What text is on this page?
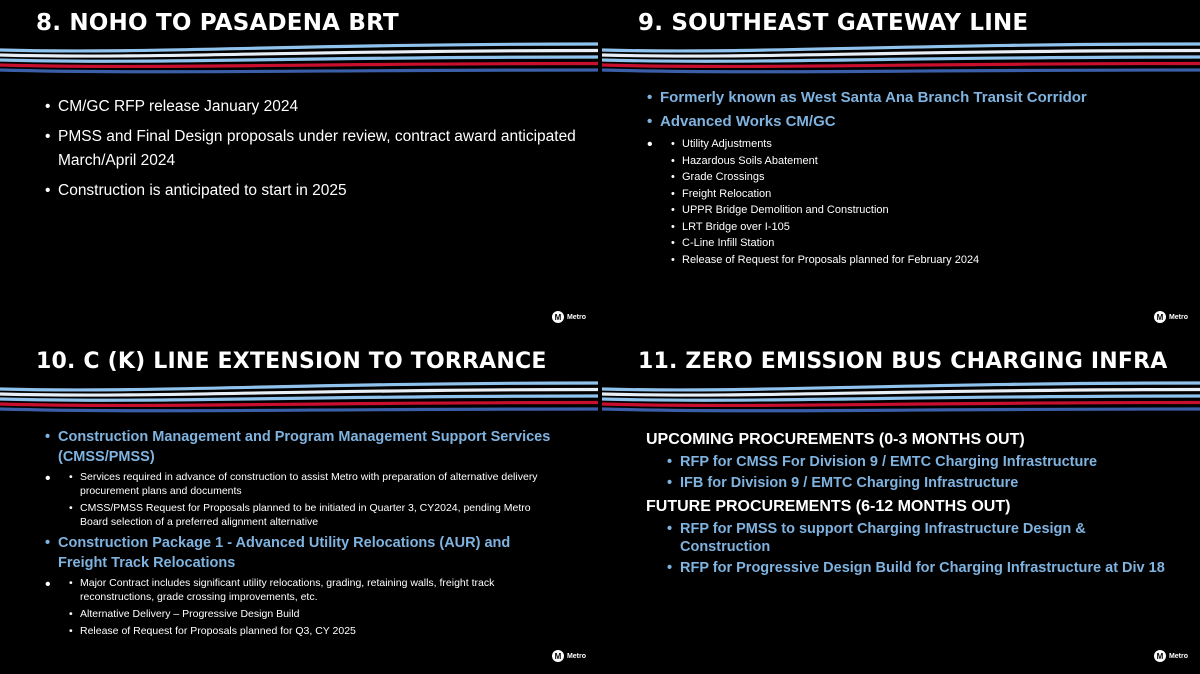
8. NOHO TO PASADENA BRT
• CM/GC RFP release January 2024
• PMSS and Final Design proposals under review, contract award anticipated March/April 2024
• Construction is anticipated to start in 2025
M Metro
9. SOUTHEAST GATEWAY LINE
• Formerly known as West Santa Ana Branch Transit Corridor
• Advanced Works CM/GC
• • Utility Adjustments
• Hazardous Soils Abatement
• Grade Crossings
• Freight Relocation
• UPPR Bridge Demolition and Construction
• LRT Bridge over I-105
• C-Line Infill Station
• Release of Request for Proposals planned for February 2024
M Metro
10. C (K) LINE EXTENSION TO TORRANCE
• Construction Management and Program Management Support Services (CMSS/PMSS)
• • Services required in advance of construction to assist Metro with preparation of alternative delivery procurement plans and documents
• CMSS/PMSS Request for Proposals planned to be initiated in Quarter 3, CY2024, pending Metro Board selection of a preferred alignment alternative
• Construction Package 1 - Advanced Utility Relocations (AUR) and Freight Track Relocations
• • Major Contract includes significant utility relocations, grading, retaining walls, freight track reconstructions, grade crossing improvements, etc.
• Alternative Delivery – Progressive Design Build
• Release of Request for Proposals planned for Q3, CY 2025
M Metro
11. ZERO EMISSION BUS CHARGING INFRA
UPCOMING PROCUREMENTS (0-3 MONTHS OUT)
• RFP for CMSS For Division 9 / EMTC Charging Infrastructure
• IFB for Division 9 / EMTC Charging Infrastructure
FUTURE PROCUREMENTS (6-12 MONTHS OUT)
• RFP for PMSS to support Charging Infrastructure Design & Construction
• RFP for Progressive Design Build for Charging Infrastructure at Div 18
M Metro
